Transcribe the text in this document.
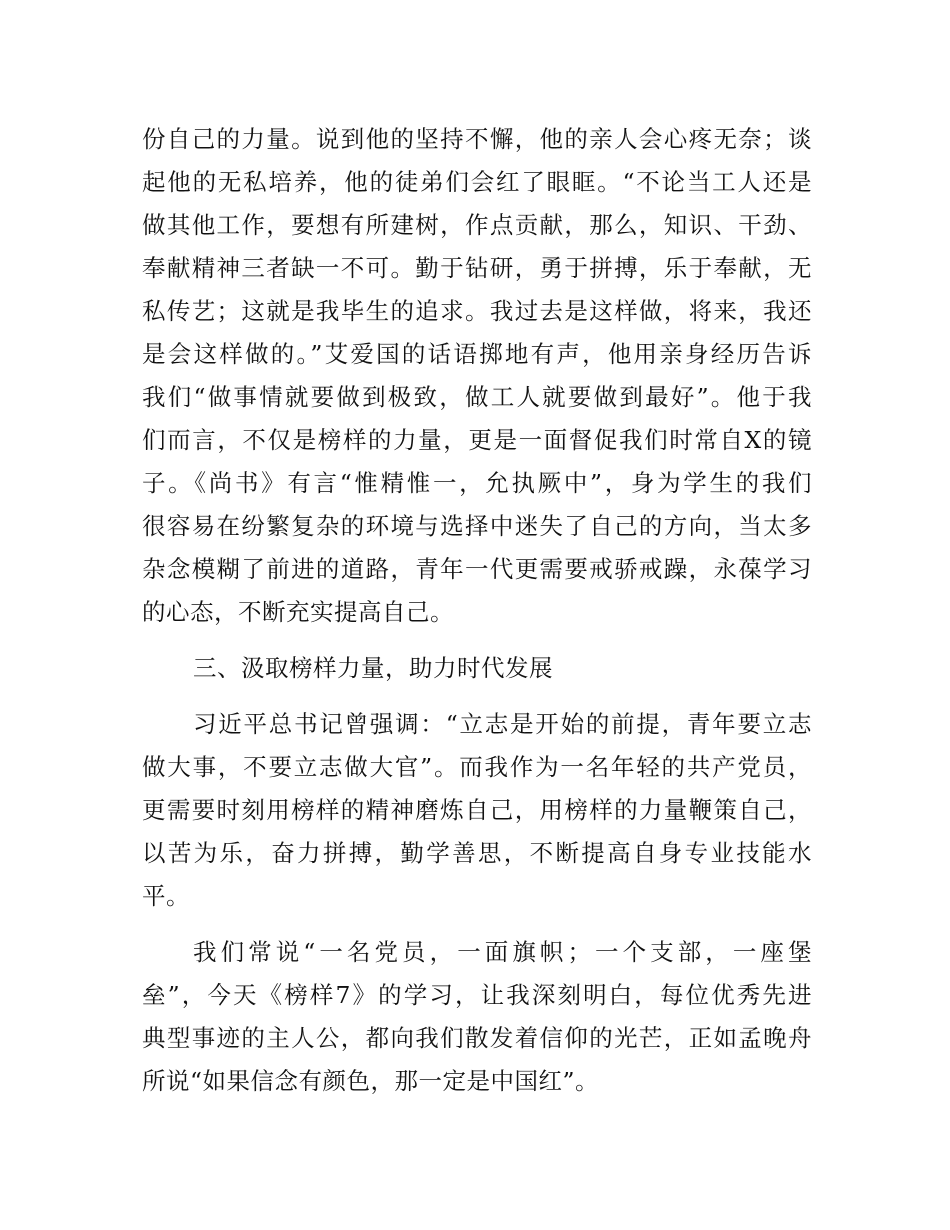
份自己的力量。说到他的坚持不懈，他的亲人会心疼无奈；谈
起他的无私培养，他的徒弟们会红了眼眶。“不论当工人还是
做其他工作，要想有所建树，作点贡献，那么，知识、干劲、
奉献精神三者缺一不可。勤于钻研，勇于拼搏，乐于奉献，无
私传艺；这就是我毕生的追求。我过去是这样做，将来，我还
是会这样做的。”艾爱国的话语掷地有声，他用亲身经历告诉
我们“做事情就要做到极致，做工人就要做到最好”。他于我
们而言，不仅是榜样的力量，更是一面督促我们时常自X的镜
子。《尚书》有言“惟精惟一，允执厥中”，身为学生的我们
很容易在纷繁复杂的环境与选择中迷失了自己的方向，当太多
杂念模糊了前进的道路，青年一代更需要戒骄戒躁，永葆学习
的心态，不断充实提高自己。
三、汲取榜样力量，助力时代发展
习近平总书记曾强调：“立志是开始的前提，青年要立志
做大事，不要立志做大官”。而我作为一名年轻的共产党员，
更需要时刻用榜样的精神磨炼自己，用榜样的力量鞭策自己，
以苦为乐，奋力拼搏，勤学善思，不断提高自身专业技能水
平。
我们常说“一名党员，一面旗帜；一个支部，一座堡
垒”，今天《榜样7》的学习，让我深刻明白，每位优秀先进
典型事迹的主人公，都向我们散发着信仰的光芒，正如孟晚舟
所说“如果信念有颜色，那一定是中国红”。
